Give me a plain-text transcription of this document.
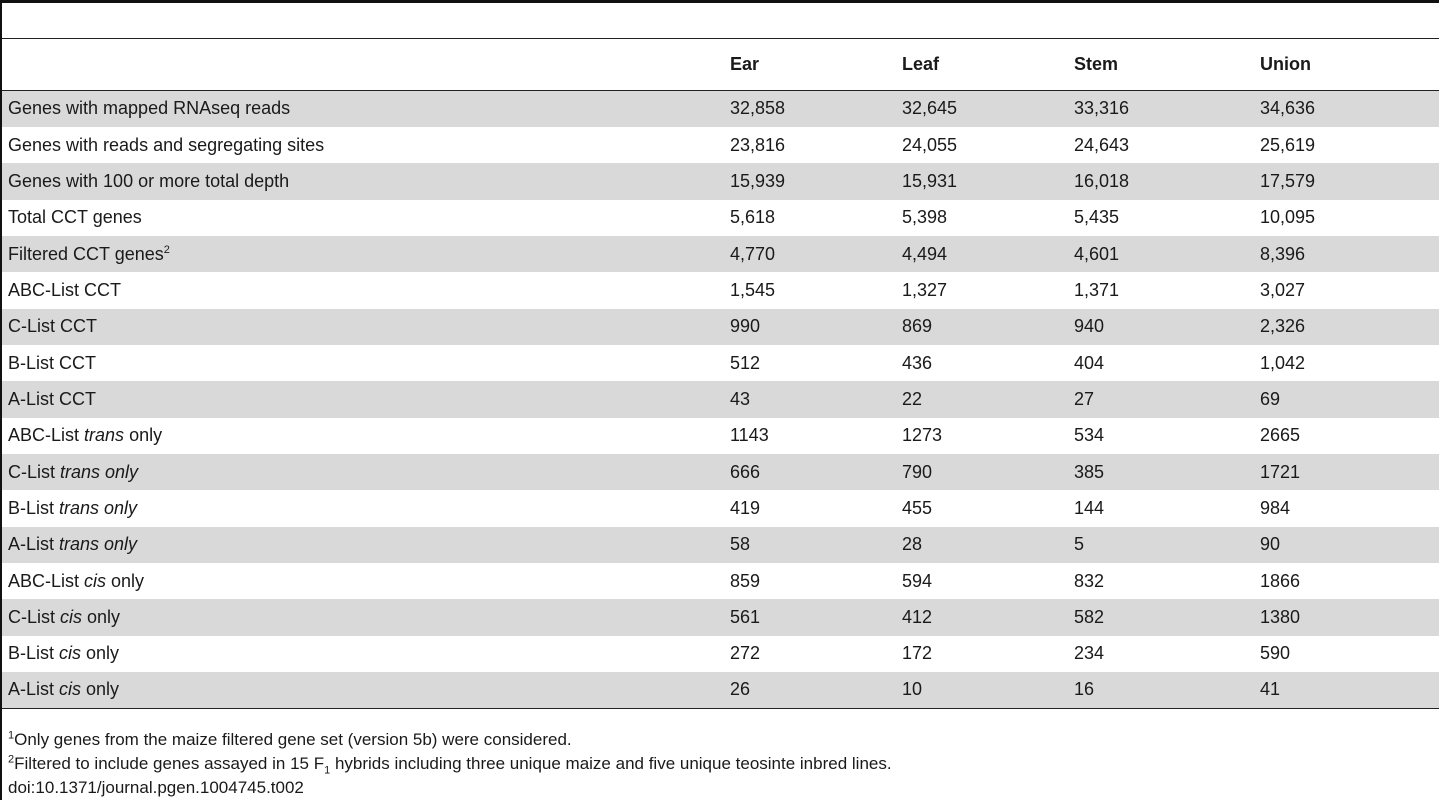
	Ear	Leaf	Stem	Union
Genes with mapped RNAseq reads	32,858	32,645	33,316	34,636
Genes with reads and segregating sites	23,816	24,055	24,643	25,619
Genes with 100 or more total depth	15,939	15,931	16,018	17,579
Total CCT genes	5,618	5,398	5,435	10,095
Filtered CCT genes$^2$	4,770	4,494	4,601	8,396
ABC-List CCT	1,545	1,327	1,371	3,027
C-List CCT	990	869	940	2,326
B-List CCT	512	436	404	1,042
A-List CCT	43	22	27	69
ABC-List trans only	1143	1273	534	2665
C-List trans only	666	790	385	1721
B-List trans only	419	455	144	984
A-List trans only	58	28	5	90
ABC-List cis only	859	594	832	1866
C-List cis only	561	412	582	1380
B-List cis only	272	172	234	590
A-List cis only	26	10	16	41
$^1$Only genes from the maize filtered gene set (version 5b) were considered.
$^2$Filtered to include genes assayed in 15 $F_1$ hybrids including three unique maize and five unique teosinte inbred lines.
doi:10.1371/journal.pgen.1004745.t002
